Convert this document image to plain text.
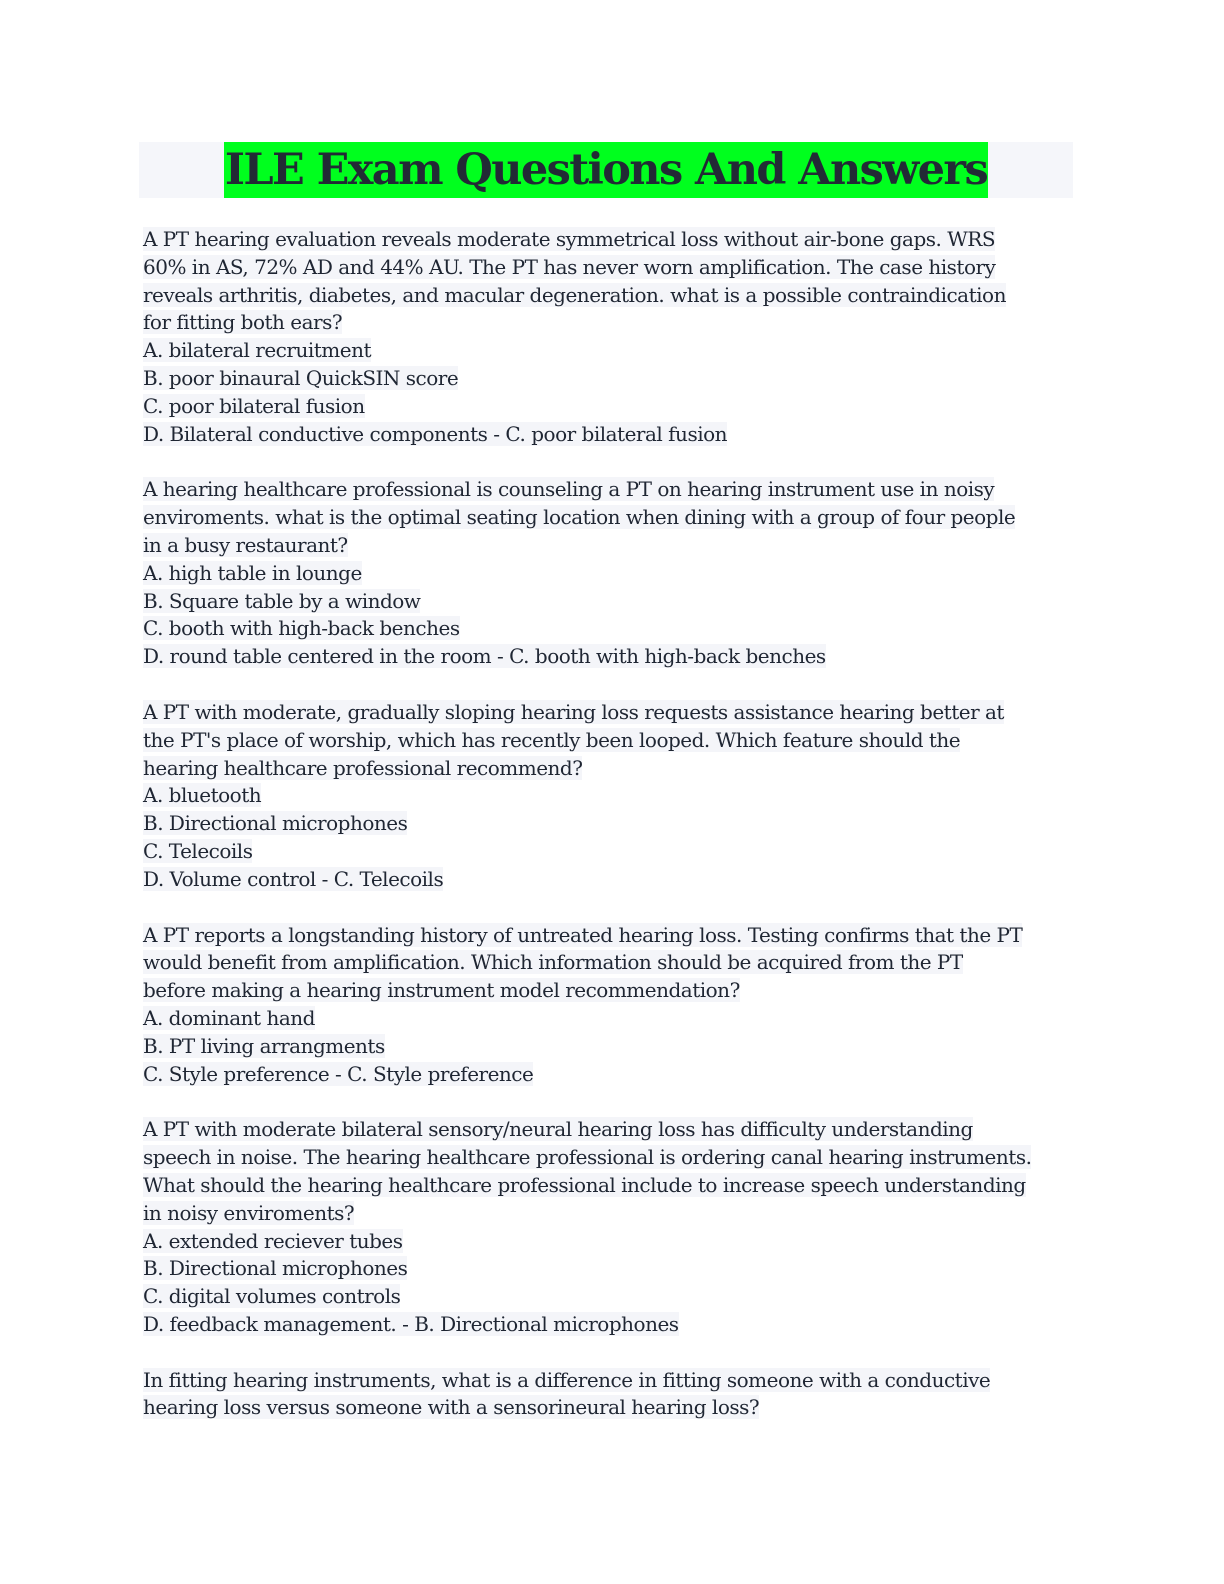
ILE Exam Questions And Answers
A PT hearing evaluation reveals moderate symmetrical loss without air-bone gaps. WRS
60% in AS, 72% AD and 44% AU. The PT has never worn amplification. The case history
reveals arthritis, diabetes, and macular degeneration. what is a possible contraindication
for fitting both ears?
A. bilateral recruitment
B. poor binaural QuickSIN score
C. poor bilateral fusion
D. Bilateral conductive components - C. poor bilateral fusion
A hearing healthcare professional is counseling a PT on hearing instrument use in noisy
enviroments. what is the optimal seating location when dining with a group of four people
in a busy restaurant?
A. high table in lounge
B. Square table by a window
C. booth with high-back benches
D. round table centered in the room - C. booth with high-back benches
A PT with moderate, gradually sloping hearing loss requests assistance hearing better at
the PT's place of worship, which has recently been looped. Which feature should the
hearing healthcare professional recommend?
A. bluetooth
B. Directional microphones
C. Telecoils
D. Volume control - C. Telecoils
A PT reports a longstanding history of untreated hearing loss. Testing confirms that the PT
would benefit from amplification. Which information should be acquired from the PT
before making a hearing instrument model recommendation?
A. dominant hand
B. PT living arrangments
C. Style preference - C. Style preference
A PT with moderate bilateral sensory/neural hearing loss has difficulty understanding
speech in noise. The hearing healthcare professional is ordering canal hearing instruments.
What should the hearing healthcare professional include to increase speech understanding
in noisy enviroments?
A. extended reciever tubes
B. Directional microphones
C. digital volumes controls
D. feedback management. - B. Directional microphones
In fitting hearing instruments, what is a difference in fitting someone with a conductive
hearing loss versus someone with a sensorineural hearing loss?
